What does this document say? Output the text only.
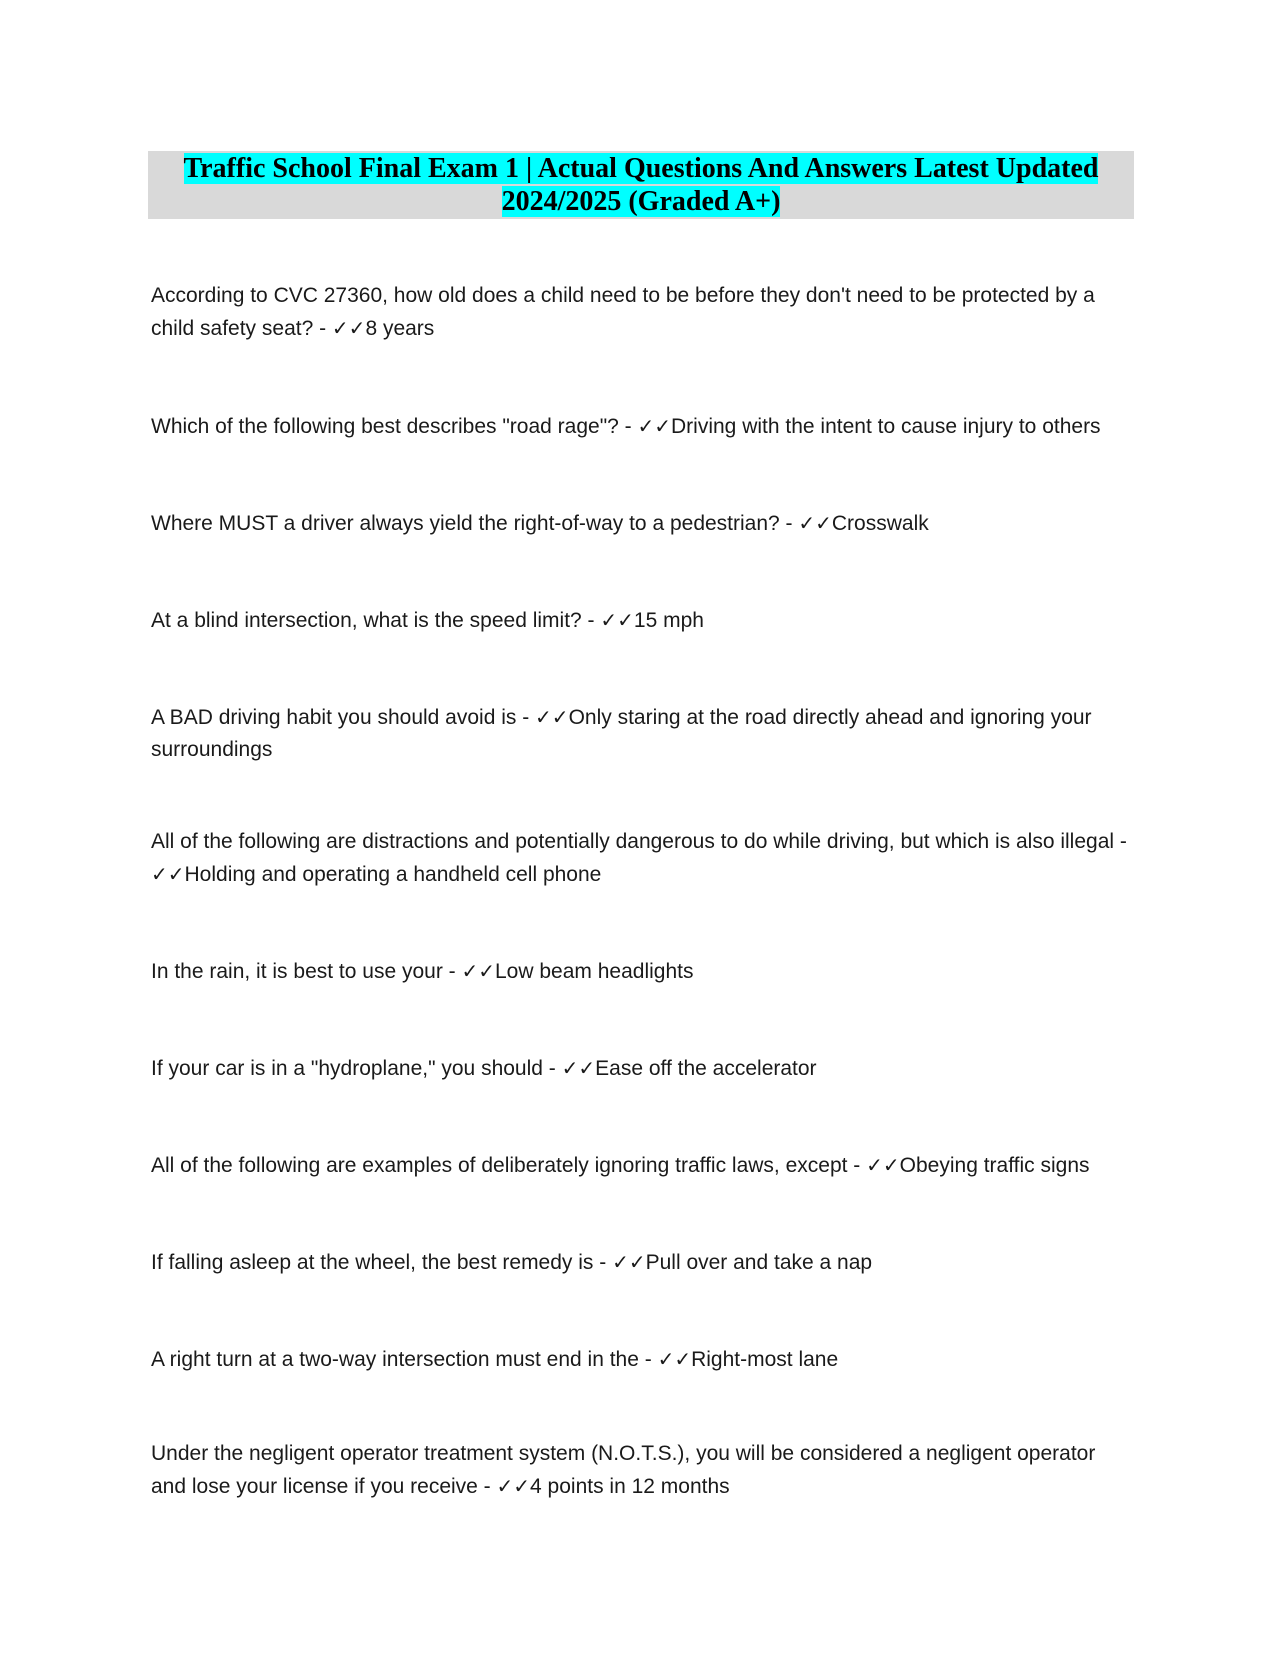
Traffic School Final Exam 1 | Actual Questions And Answers Latest Updated
2024/2025 (Graded A+)

According to CVC 27360, how old does a child need to be before they don't need to be protected by a child safety seat? - ✓✓8 years

Which of the following best describes "road rage"? - ✓✓Driving with the intent to cause injury to others

Where MUST a driver always yield the right-of-way to a pedestrian? - ✓✓Crosswalk

At a blind intersection, what is the speed limit? - ✓✓15 mph

A BAD driving habit you should avoid is - ✓✓Only staring at the road directly ahead and ignoring your surroundings

All of the following are distractions and potentially dangerous to do while driving, but which is also illegal - ✓✓Holding and operating a handheld cell phone

In the rain, it is best to use your - ✓✓Low beam headlights

If your car is in a "hydroplane," you should - ✓✓Ease off the accelerator

All of the following are examples of deliberately ignoring traffic laws, except - ✓✓Obeying traffic signs

If falling asleep at the wheel, the best remedy is - ✓✓Pull over and take a nap

A right turn at a two-way intersection must end in the - ✓✓Right-most lane

Under the negligent operator treatment system (N.O.T.S.), you will be considered a negligent operator and lose your license if you receive - ✓✓4 points in 12 months
